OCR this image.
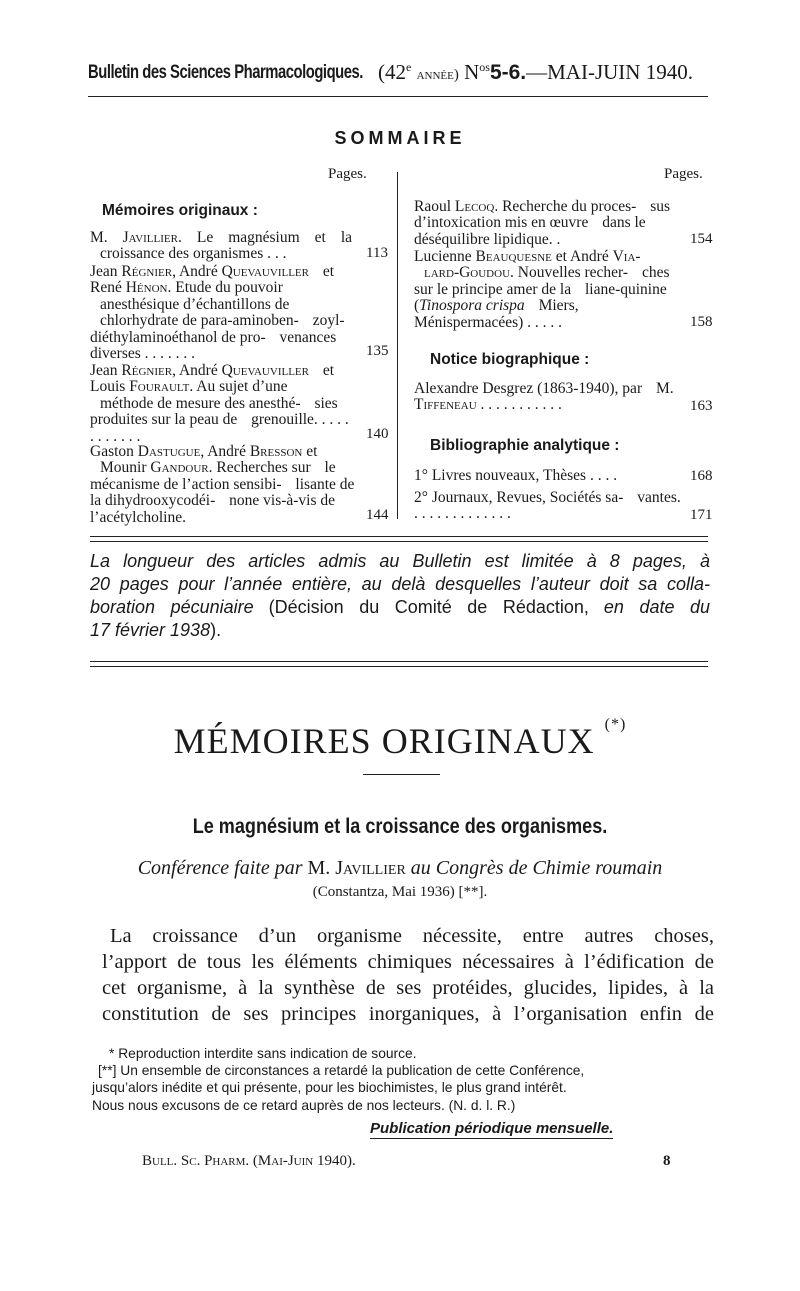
Bulletin des Sciences Pharmacologiques. (42e année) $N^{os}5-6.—MAI$-JUIN 1940.
SOMMAIRE
Pages.
Mémoires originaux :
M. Javillier. Le magnésium et la croissance des organismes . . .	113
Jean Régnier, André Quevauviller et René Hénon. Etude du pouvoir anesthésique d’échantillons de chlorhydrate de para-aminoben- zoyl-diéthylaminoéthanol de pro- venances diverses . . . . . . .	135
Jean Régnier, André Quevauviller et Louis Fourault. Au sujet d’une méthode de mesure des anesthé- sies produites sur la peau de grenouille. . . . . . . . . . . .	140
Gaston Dastugue, André Bresson et Mounir Gandour. Recherches sur le mécanisme de l’action sensibi- lisante de la dihydrooxycodéi- none vis-à-vis de l’acétylcholine.	144
Pages.
Raoul Lecoq. Recherche du proces- sus d’intoxication mis en œuvre dans le déséquilibre lipidique. .	154
Lucienne Beauquesne et André Via- lard-Goudou. Nouvelles recher- ches sur le principe amer de la liane-quinine (Tinospora crispa Miers, Ménispermacées) . . . . .	158
Notice biographique :
Alexandre Desgrez (1863-1940), par M. Tiffeneau . . . . . . . . . . .	163
Bibliographie analytique :
1° Livres nouveaux, Thèses . . . .	168
2° Journaux, Revues, Sociétés sa- vantes. . . . . . . . . . . . . .	171
La longueur des articles admis au Bulletin est limitée à 8 pages, à
20 pages pour l’année entière, au delà desquelles l’auteur doit sa colla-
boration pécuniaire (Décision du Comité de Rédaction, en date du
17 février 1938).
MÉMOIRES ORIGINAUX (*)
Le magnésium et la croissance des organismes.
Conférence faite par M. Javillier au Congrès de Chimie roumain
(Constantza, Mai 1936) [**].
La croissance d’un organisme nécessite, entre autres choses,
l’apport de tous les éléments chimiques nécessaires à l’édification de
cet organisme, à la synthèse de ses protéides, glucides, lipides, à la
constitution de ses principes inorganiques, à l’organisation enfin de
* Reproduction interdite sans indication de source.
[**] Un ensemble de circonstances a retardé la publication de cette Conférence,
jusqu’alors inédite et qui présente, pour les biochimistes, le plus grand intérêt.
Nous nous excusons de ce retard auprès de nos lecteurs. (N. d. l. R.)
Publication périodique mensuelle.
Bull. Sc. Pharm. (Mai-Juin 1940).	8
